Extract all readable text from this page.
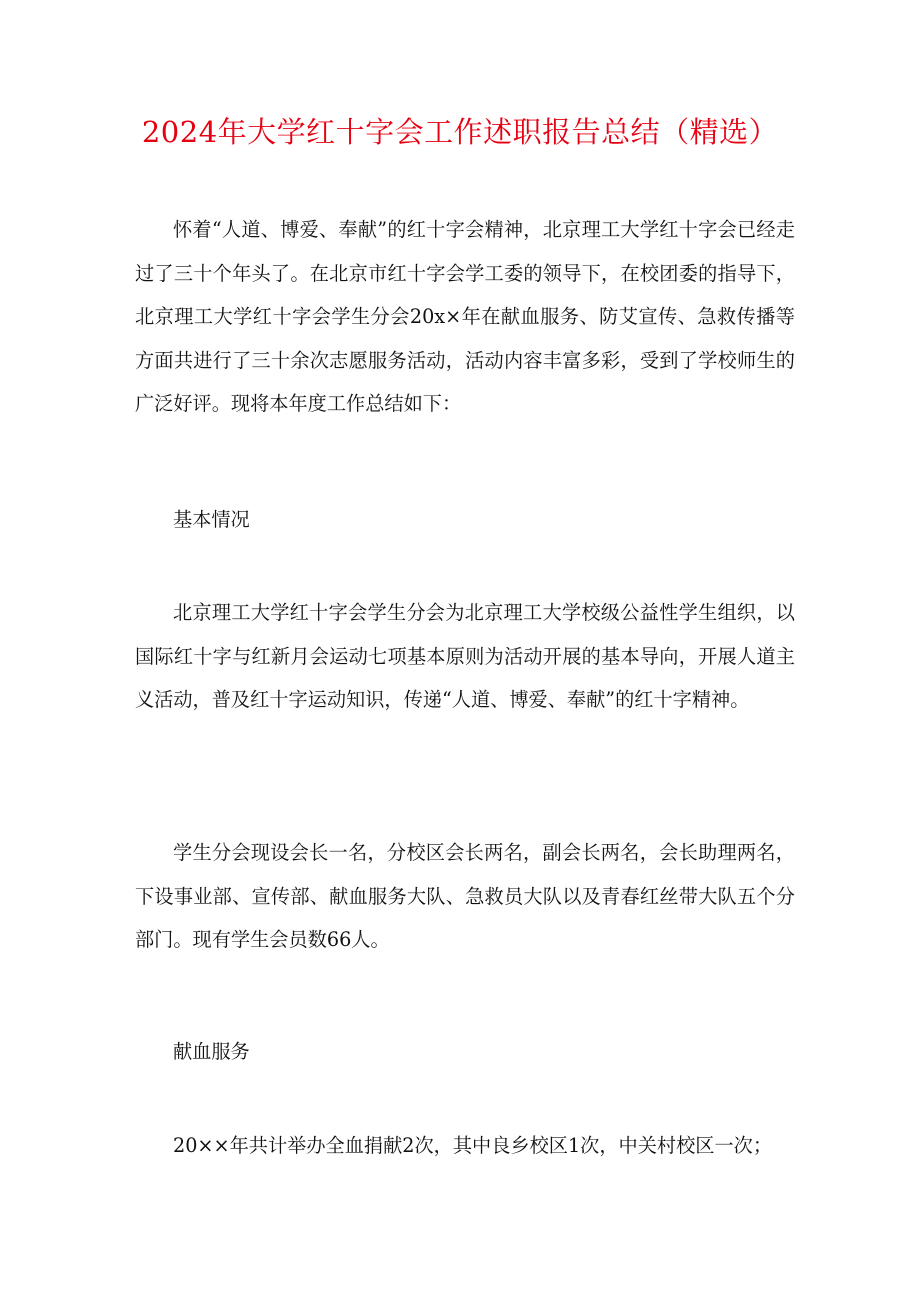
2024年大学红十字会工作述职报告总结（精选）
怀着“人道、博爱、奉献”的红十字会精神，北京理工大学红十字会已经走过了三十个年头了。在北京市红十字会学工委的领导下，在校团委的指导下，北京理工大学红十字会学生分会20x×年在献血服务、防艾宣传、急救传播等方面共进行了三十余次志愿服务活动，活动内容丰富多彩，受到了学校师生的广泛好评。现将本年度工作总结如下：
基本情况
北京理工大学红十字会学生分会为北京理工大学校级公益性学生组织，以国际红十字与红新月会运动七项基本原则为活动开展的基本导向，开展人道主义活动，普及红十字运动知识，传递“人道、博爱、奉献”的红十字精神。
学生分会现设会长一名，分校区会长两名，副会长两名，会长助理两名，下设事业部、宣传部、献血服务大队、急救员大队以及青春红丝带大队五个分部门。现有学生会员数66人。
献血服务
20××年共计举办全血捐献2次，其中良乡校区1次，中关村校区一次；
